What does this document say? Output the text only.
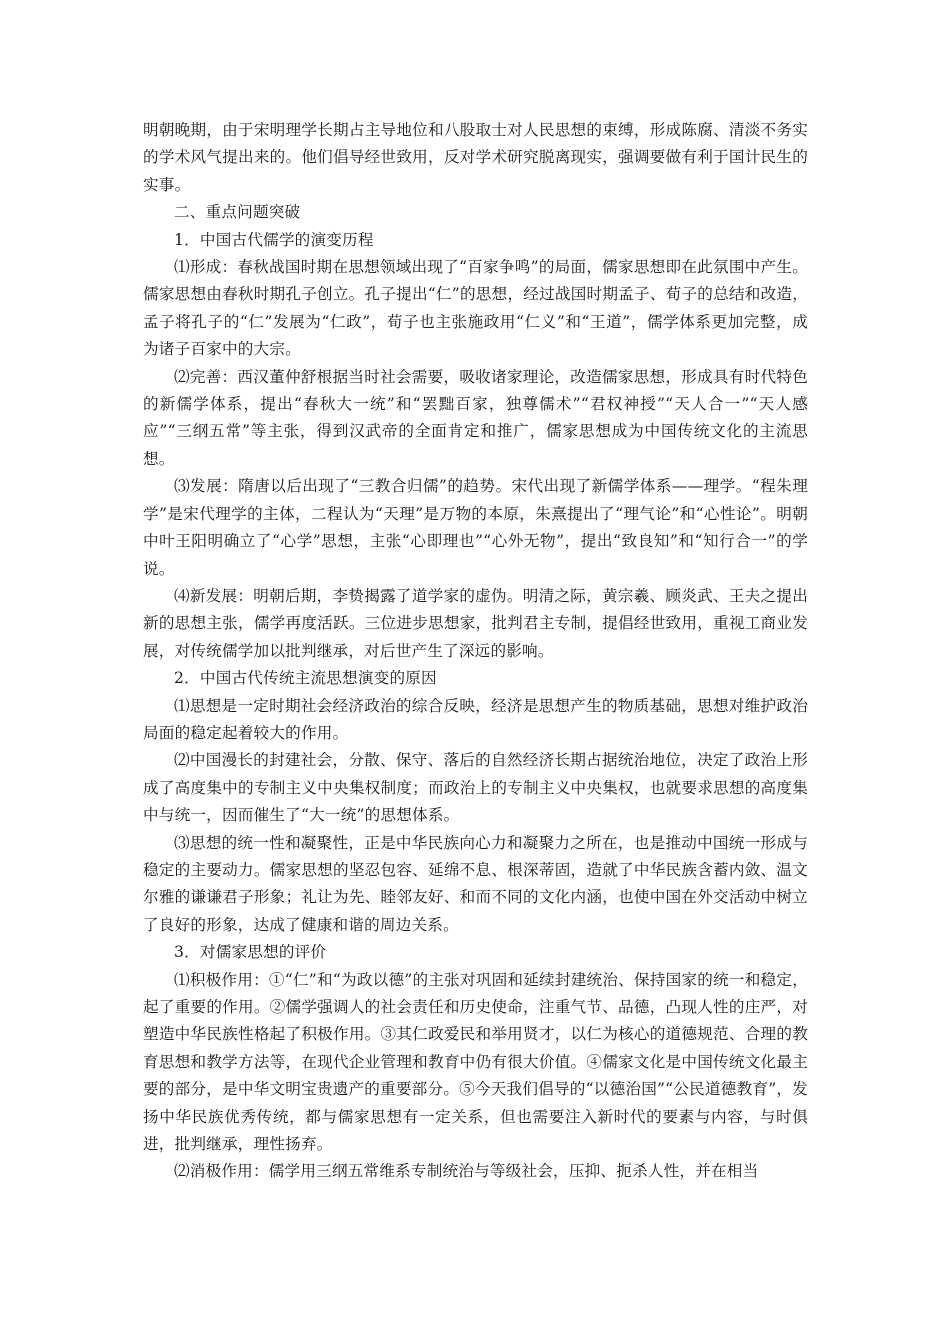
明朝晚期，由于宋明理学长期占主导地位和八股取士对人民思想的束缚，形成陈腐、清淡不务实的学术风气提出来的。他们倡导经世致用，反对学术研究脱离现实，强调要做有利于国计民生的实事。

二、重点问题突破

1．中国古代儒学的演变历程

⑴形成：春秋战国时期在思想领域出现了“百家争鸣”的局面，儒家思想即在此氛围中产生。儒家思想由春秋时期孔子创立。孔子提出“仁”的思想，经过战国时期孟子、荀子的总结和改造，孟子将孔子的“仁”发展为“仁政”，荀子也主张施政用“仁义”和“王道”，儒学体系更加完整，成为诸子百家中的大宗。

⑵完善：西汉董仲舒根据当时社会需要，吸收诸家理论，改造儒家思想，形成具有时代特色的新儒学体系，提出“春秋大一统”和“罢黜百家，独尊儒术”“君权神授”“天人合一”“天人感应”“三纲五常”等主张，得到汉武帝的全面肯定和推广，儒家思想成为中国传统文化的主流思想。

⑶发展：隋唐以后出现了“三教合归儒”的趋势。宋代出现了新儒学体系——理学。“程朱理学”是宋代理学的主体，二程认为“天理”是万物的本原，朱熹提出了“理气论”和“心性论”。明朝中叶王阳明确立了“心学”思想，主张“心即理也”“心外无物”，提出“致良知”和“知行合一”的学说。

⑷新发展：明朝后期，李贽揭露了道学家的虚伪。明清之际，黄宗羲、顾炎武、王夫之提出新的思想主张，儒学再度活跃。三位进步思想家，批判君主专制，提倡经世致用，重视工商业发展，对传统儒学加以批判继承，对后世产生了深远的影响。

2．中国古代传统主流思想演变的原因

⑴思想是一定时期社会经济政治的综合反映，经济是思想产生的物质基础，思想对维护政治局面的稳定起着较大的作用。

⑵中国漫长的封建社会，分散、保守、落后的自然经济长期占据统治地位，决定了政治上形成了高度集中的专制主义中央集权制度；而政治上的专制主义中央集权，也就要求思想的高度集中与统一，因而催生了“大一统”的思想体系。

⑶思想的统一性和凝聚性，正是中华民族向心力和凝聚力之所在，也是推动中国统一形成与稳定的主要动力。儒家思想的坚忍包容、延绵不息、根深蒂固，造就了中华民族含蓄内敛、温文尔雅的谦谦君子形象；礼让为先、睦邻友好、和而不同的文化内涵，也使中国在外交活动中树立了良好的形象，达成了健康和谐的周边关系。

3．对儒家思想的评价

⑴积极作用：①“仁”和“为政以德”的主张对巩固和延续封建统治、保持国家的统一和稳定，起了重要的作用。②儒学强调人的社会责任和历史使命，注重气节、品德，凸现人性的庄严，对塑造中华民族性格起了积极作用。③其仁政爱民和举用贤才，以仁为核心的道德规范、合理的教育思想和教学方法等，在现代企业管理和教育中仍有很大价值。④儒家文化是中国传统文化最主要的部分，是中华文明宝贵遗产的重要部分。⑤今天我们倡导的“以德治国”“公民道德教育”，发扬中华民族优秀传统，都与儒家思想有一定关系，但也需要注入新时代的要素与内容，与时俱进，批判继承，理性扬弃。

⑵消极作用：儒学用三纲五常维系专制统治与等级社会，压抑、扼杀人性，并在相当
